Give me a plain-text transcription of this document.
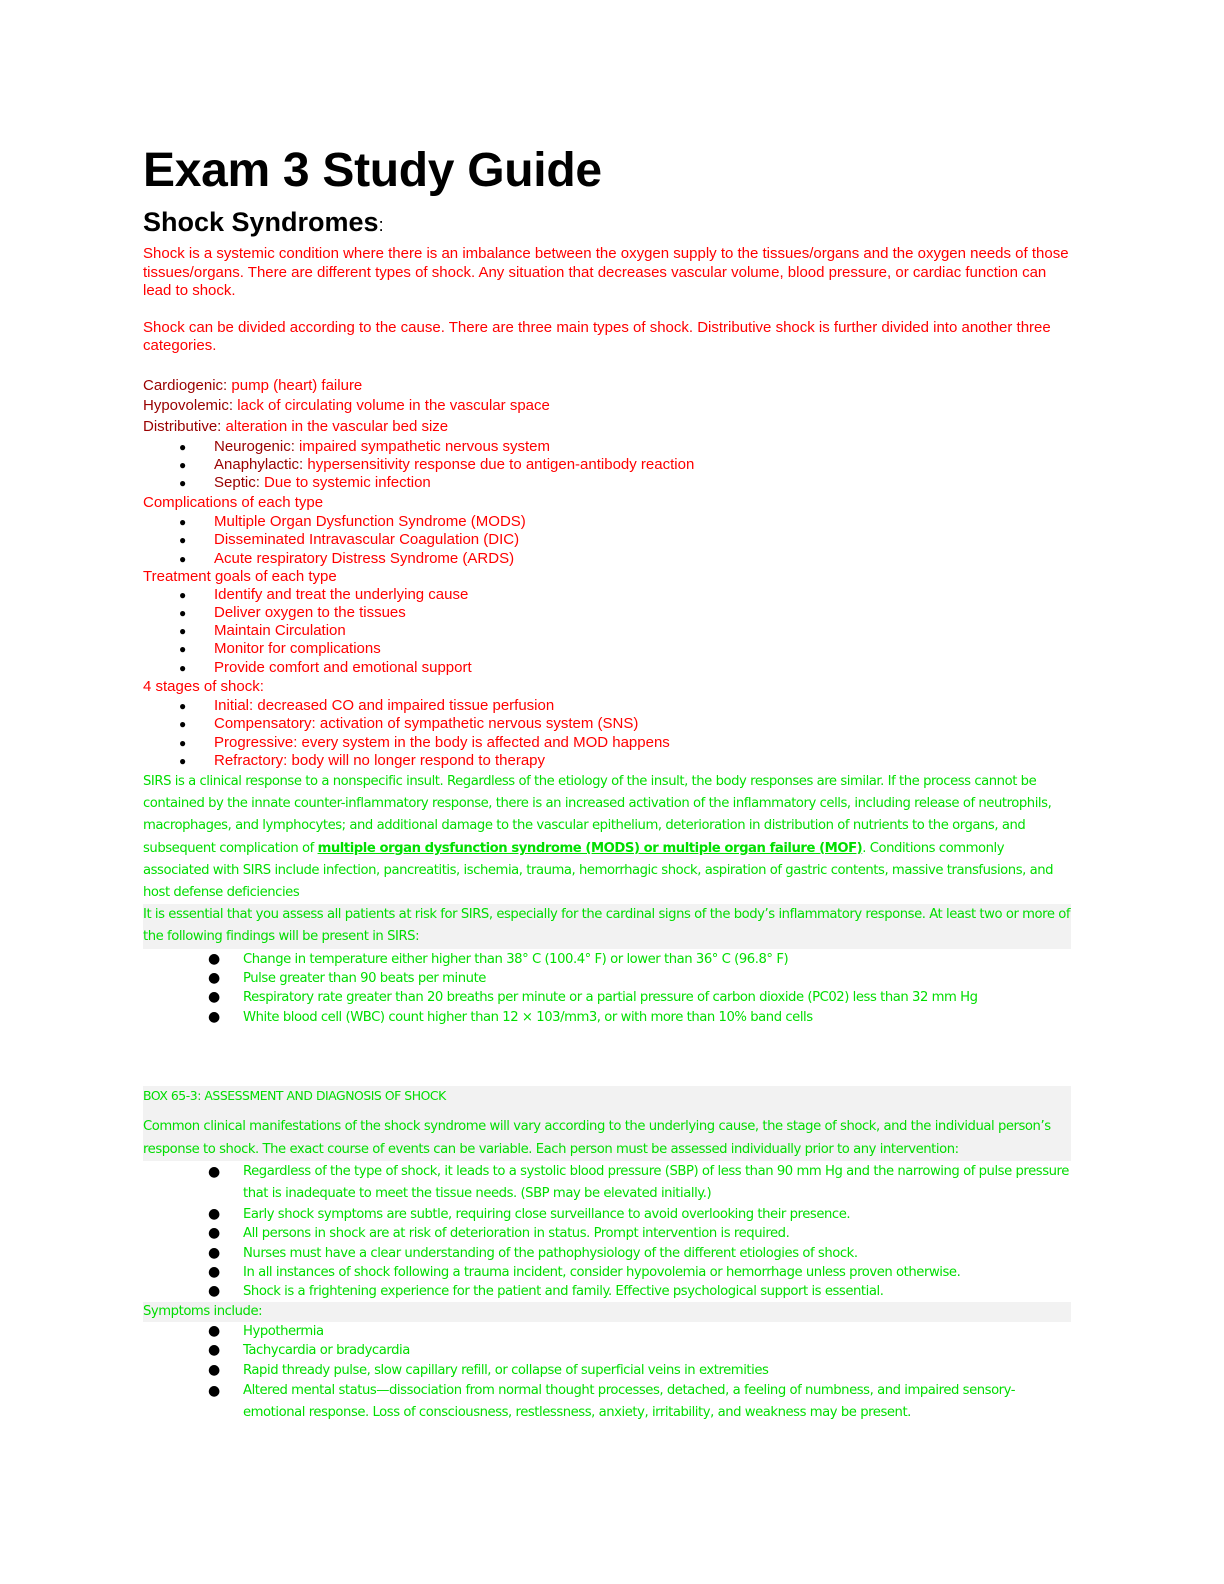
Exam 3 Study Guide
Shock Syndromes:

Shock is a systemic condition where there is an imbalance between the oxygen supply to the tissues/organs and the oxygen needs of those tissues/organs. There are different types of shock. Any situation that decreases vascular volume, blood pressure, or cardiac function can lead to shock.

Shock can be divided according to the cause. There are three main types of shock. Distributive shock is further divided into another three categories.

Cardiogenic: pump (heart) failure

Hypovolemic: lack of circulating volume in the vascular space

Distributive: alteration in the vascular bed size

● Neurogenic: impaired sympathetic nervous system
● Anaphylactic: hypersensitivity response due to antigen-antibody reaction
● Septic: Due to systemic infection

Complications of each type

● Multiple Organ Dysfunction Syndrome (MODS)
● Disseminated Intravascular Coagulation (DIC)
● Acute respiratory Distress Syndrome (ARDS)

Treatment goals of each type

● Identify and treat the underlying cause
● Deliver oxygen to the tissues
● Maintain Circulation
● Monitor for complications
● Provide comfort and emotional support

4 stages of shock:

● Initial: decreased CO and impaired tissue perfusion
● Compensatory: activation of sympathetic nervous system (SNS)
● Progressive: every system in the body is affected and MOD happens
● Refractory: body will no longer respond to therapy

SIRS is a clinical response to a nonspecific insult. Regardless of the etiology of the insult, the body responses are similar. If the process cannot be contained by the innate counter-inflammatory response, there is an increased activation of the inflammatory cells, including release of neutrophils, macrophages, and lymphocytes; and additional damage to the vascular epithelium, deterioration in distribution of nutrients to the organs, and subsequent complication of multiple organ dysfunction syndrome (MODS) or multiple organ failure (MOF). Conditions commonly associated with SIRS include infection, pancreatitis, ischemia, trauma, hemorrhagic shock, aspiration of gastric contents, massive transfusions, and host defense deficiencies

It is essential that you assess all patients at risk for SIRS, especially for the cardinal signs of the body’s inflammatory response. At least two or more of the following findings will be present in SIRS:

● Change in temperature either higher than 38° C (100.4° F) or lower than 36° C (96.8° F)
● Pulse greater than 90 beats per minute
● Respiratory rate greater than 20 breaths per minute or a partial pressure of carbon dioxide (PC02) less than 32 mm Hg
● White blood cell (WBC) count higher than 12 × 103/mm3, or with more than 10% band cells

BOX 65-3: ASSESSMENT AND DIAGNOSIS OF SHOCK

Common clinical manifestations of the shock syndrome will vary according to the underlying cause, the stage of shock, and the individual person’s response to shock. The exact course of events can be variable. Each person must be assessed individually prior to any intervention:

● Regardless of the type of shock, it leads to a systolic blood pressure (SBP) of less than 90 mm Hg and the narrowing of pulse pressure that is inadequate to meet the tissue needs. (SBP may be elevated initially.)
● Early shock symptoms are subtle, requiring close surveillance to avoid overlooking their presence.
● All persons in shock are at risk of deterioration in status. Prompt intervention is required.
● Nurses must have a clear understanding of the pathophysiology of the different etiologies of shock.
● In all instances of shock following a trauma incident, consider hypovolemia or hemorrhage unless proven otherwise.
● Shock is a frightening experience for the patient and family. Effective psychological support is essential.

Symptoms include:

● Hypothermia
● Tachycardia or bradycardia
● Rapid thready pulse, slow capillary refill, or collapse of superficial veins in extremities
● Altered mental status—dissociation from normal thought processes, detached, a feeling of numbness, and impaired sensory-emotional response. Loss of consciousness, restlessness, anxiety, irritability, and weakness may be present.
